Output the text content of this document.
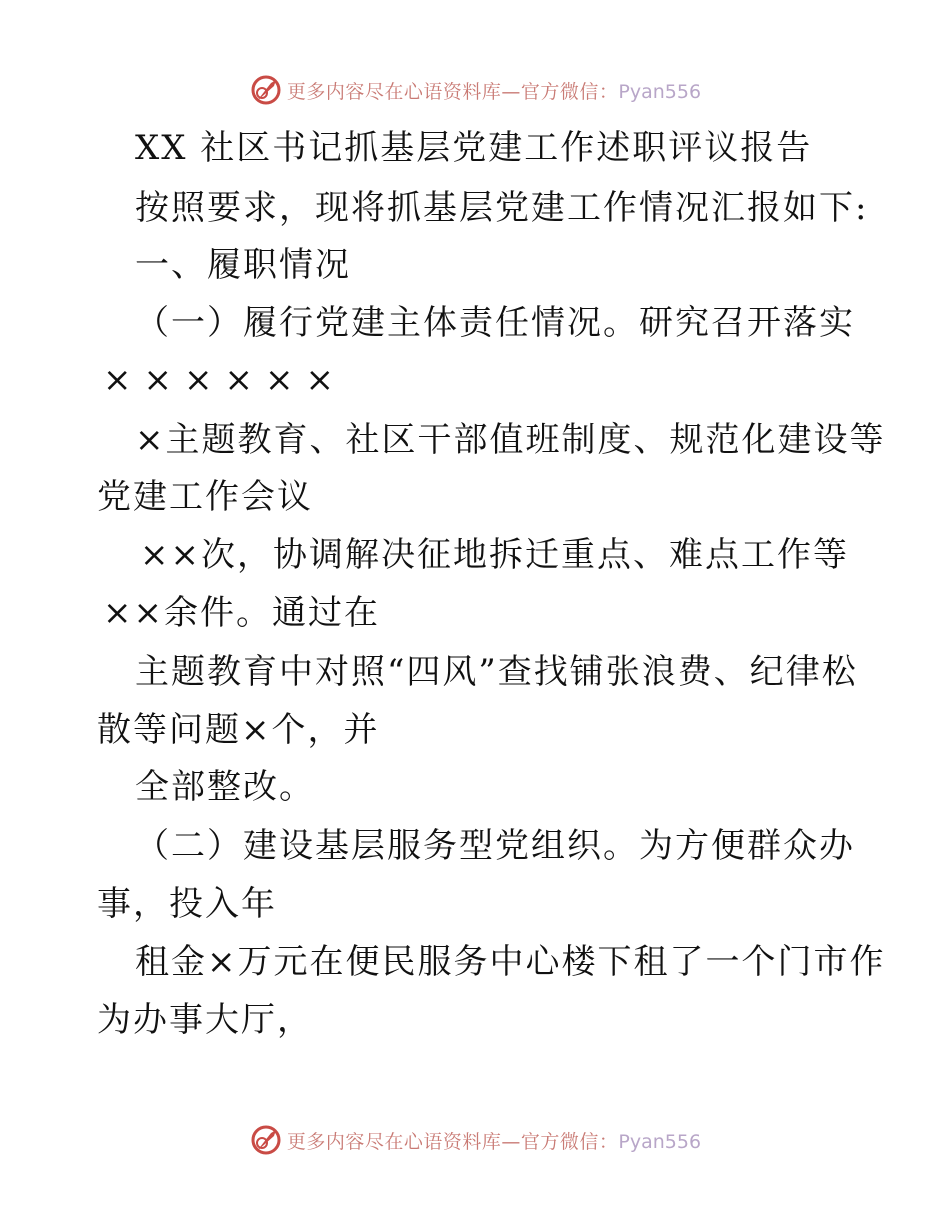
更多内容尽在心语资料库—官方微信：Pyan556
XX 社区书记抓基层党建工作述职评议报告
按照要求，现将抓基层党建工作情况汇报如下:
一、履职情况
（一）履行党建主体责任情况。研究召开落实
××××××
×主题教育、社区干部值班制度、规范化建设等
党建工作会议
××次，协调解决征地拆迁重点、难点工作等
××余件。通过在
主题教育中对照“四风”查找铺张浪费、纪律松
散等问题×个，并
全部整改。
（二）建设基层服务型党组织。为方便群众办
事，投入年
租金×万元在便民服务中心楼下租了一个门市作
为办事大厅，
更多内容尽在心语资料库—官方微信：Pyan556
